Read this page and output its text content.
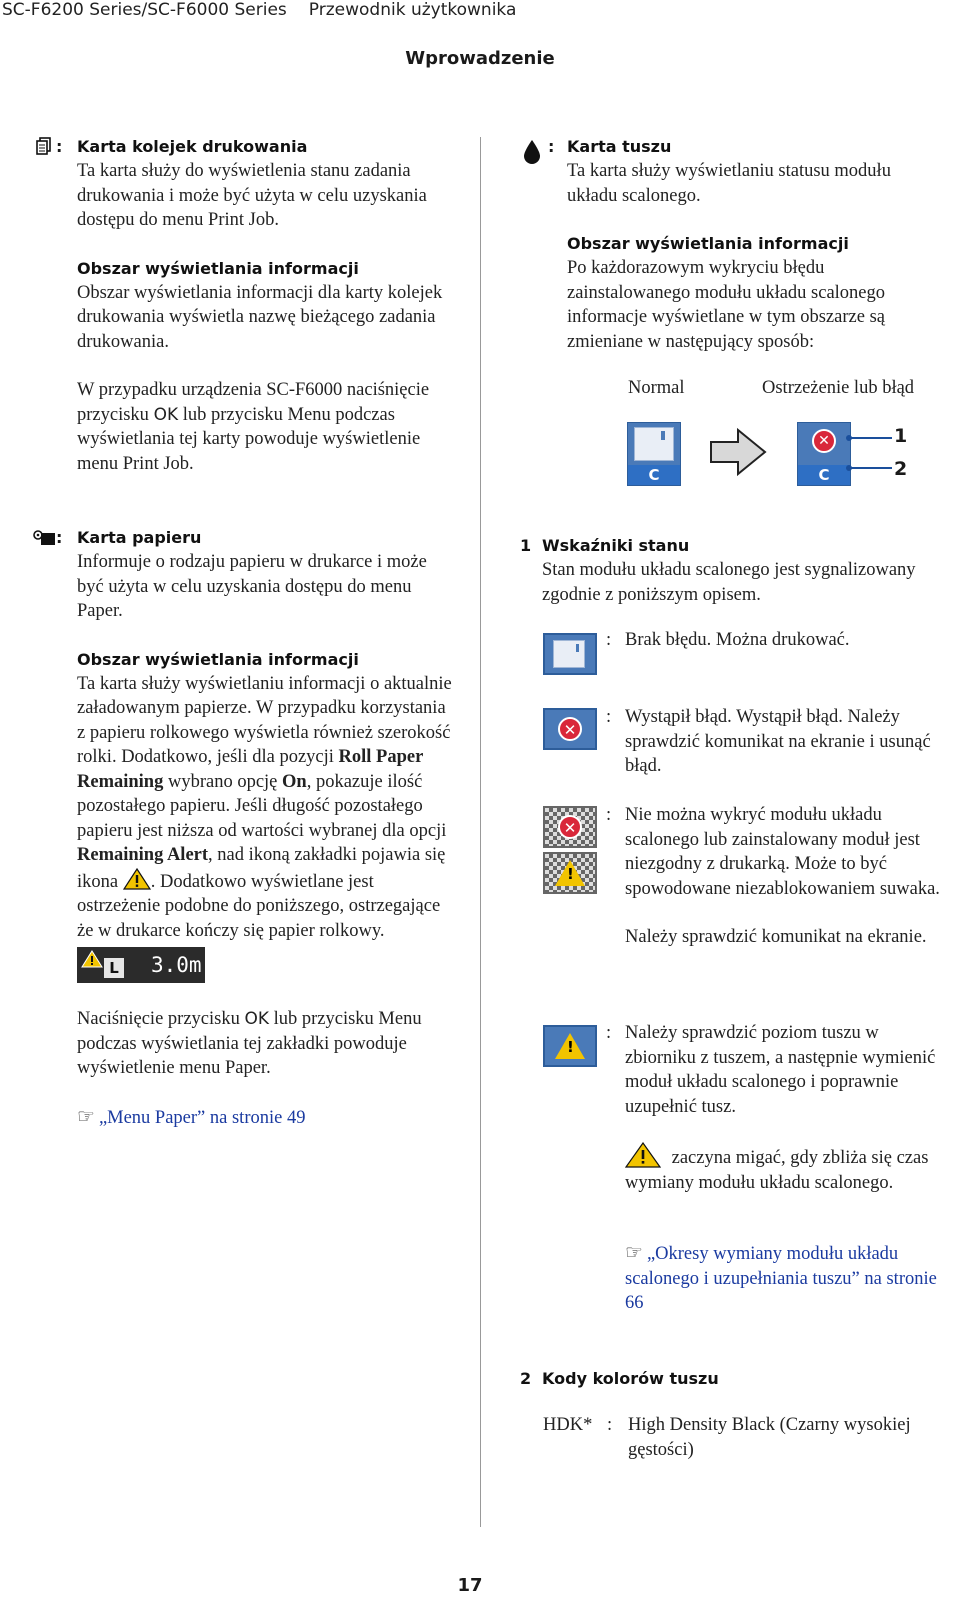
SC-F6200 Series/SC-F6000 Series Przewodnik użytkownika
Wprowadzenie
: Karta kolejek drukowania
Ta karta służy do wyświetlenia stanu zadania drukowania i może być użyta w celu uzyskania dostępu do menu Print Job.
Obszar wyświetlania informacji
Obszar wyświetlania informacji dla karty kolejek drukowania wyświetla nazwę bieżącego zadania drukowania.
W przypadku urządzenia SC-F6000 naciśnięcie przycisku OK lub przycisku Menu podczas wyświetlania tej karty powoduje wyświetlenie menu Print Job.
: Karta papieru
Informuje o rodzaju papieru w drukarce i może być użyta w celu uzyskania dostępu do menu Paper.
Obszar wyświetlania informacji
Ta karta służy wyświetlaniu informacji o aktualnie załadowanym papierze. W przypadku korzystania z papieru rolkowego wyświetla również szerokość rolki. Dodatkowo, jeśli dla pozycji Roll Paper Remaining wybrano opcję On, pokazuje ilość pozostałego papieru. Jeśli długość pozostałego papieru jest niższa od wartości wybranej dla opcji Remaining Alert, nad ikoną zakładki pojawia się ikona . Dodatkowo wyświetlane jest ostrzeżenie podobne do poniższego, ostrzegające że w drukarce kończy się papier rolkowy.
L 3.0m
Naciśnięcie przycisku OK lub przycisku Menu podczas wyświetlania tej zakładki powoduje wyświetlenie menu Paper.
☞ „Menu Paper” na stronie 49
: Karta tuszu
Ta karta służy wyświetlaniu statusu modułu układu scalonego.
Obszar wyświetlania informacji
Po każdorazowym wykryciu błędu zainstalowanego modułu układu scalonego informacje wyświetlane w tym obszarze są zmieniane w następujący sposób:
Normal	Ostrzeżenie lub błąd
C
✕
C
1
2
1 Wskaźniki stanu
Stan modułu układu scalonego jest sygnalizowany zgodnie z poniższym opisem.
: Brak błędu. Można drukować.
✕
: Wystąpił błąd. Wystąpił błąd. Należy sprawdzić komunikat na ekranie i usunąć błąd.
✕
!
: Nie można wykryć modułu układu scalonego lub zainstalowany moduł jest niezgodny z drukarką. Może to być spowodowane niezablokowaniem suwaka.
Należy sprawdzić komunikat na ekranie.
!
: Należy sprawdzić poziom tuszu w zbiorniku z tuszem, a następnie wymienić moduł układu scalonego i poprawnie uzupełnić tusz.
zaczyna migać, gdy zbliża się czas wymiany modułu układu scalonego.
☞ „Okresy wymiany modułu układu scalonego i uzupełniania tuszu” na stronie 66
2 Kody kolorów tuszu
HDK* : High Density Black (Czarny wysokiej gęstości)
17
